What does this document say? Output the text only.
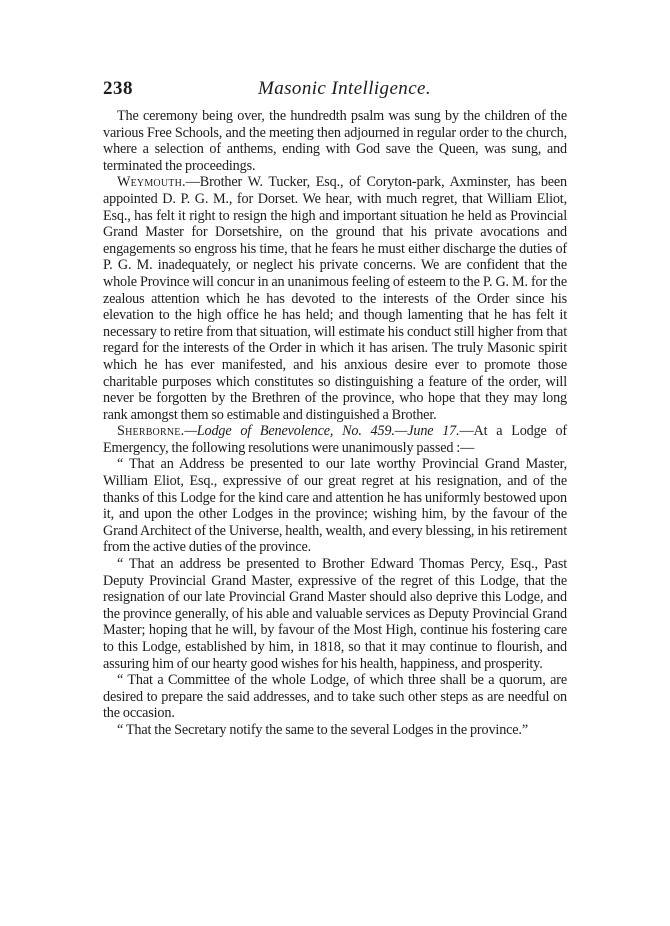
238	Masonic Intelligence.

The ceremony being over, the hundredth psalm was sung by the children of the various Free Schools, and the meeting then adjourned in regular order to the church, where a selection of anthems, ending with God save the Queen, was sung, and terminated the proceedings.

Weymouth.—Brother W. Tucker, Esq., of Coryton-park, Axminster, has been appointed D. P. G. M., for Dorset. We hear, with much regret, that William Eliot, Esq., has felt it right to resign the high and important situation he held as Provincial Grand Master for Dorsetshire, on the ground that his private avocations and engagements so engross his time, that he fears he must either discharge the duties of P. G. M. inadequately, or neglect his private concerns. We are confident that the whole Province will concur in an unanimous feeling of esteem to the P. G. M. for the zealous attention which he has devoted to the interests of the Order since his elevation to the high office he has held; and though lamenting that he has felt it necessary to retire from that situation, will estimate his conduct still higher from that regard for the interests of the Order in which it has arisen. The truly Masonic spirit which he has ever manifested, and his anxious desire ever to promote those charitable purposes which constitutes so distinguishing a feature of the order, will never be forgotten by the Brethren of the province, who hope that they may long rank amongst them so estimable and distinguished a Brother.

Sherborne.—Lodge of Benevolence, No. 459.—June 17.—At a Lodge of Emergency, the following resolutions were unanimously passed :—

“ That an Address be presented to our late worthy Provincial Grand Master, William Eliot, Esq., expressive of our great regret at his resignation, and of the thanks of this Lodge for the kind care and attention he has uniformly bestowed upon it, and upon the other Lodges in the province; wishing him, by the favour of the Grand Architect of the Universe, health, wealth, and every blessing, in his retirement from the active duties of the province.

“ That an address be presented to Brother Edward Thomas Percy, Esq., Past Deputy Provincial Grand Master, expressive of the regret of this Lodge, that the resignation of our late Provincial Grand Master should also deprive this Lodge, and the province generally, of his able and valuable services as Deputy Provincial Grand Master; hoping that he will, by favour of the Most High, continue his fostering care to this Lodge, established by him, in 1818, so that it may continue to flourish, and assuring him of our hearty good wishes for his health, happiness, and prosperity.

“ That a Committee of the whole Lodge, of which three shall be a quorum, are desired to prepare the said addresses, and to take such other steps as are needful on the occasion.

“ That the Secretary notify the same to the several Lodges in the province.”
